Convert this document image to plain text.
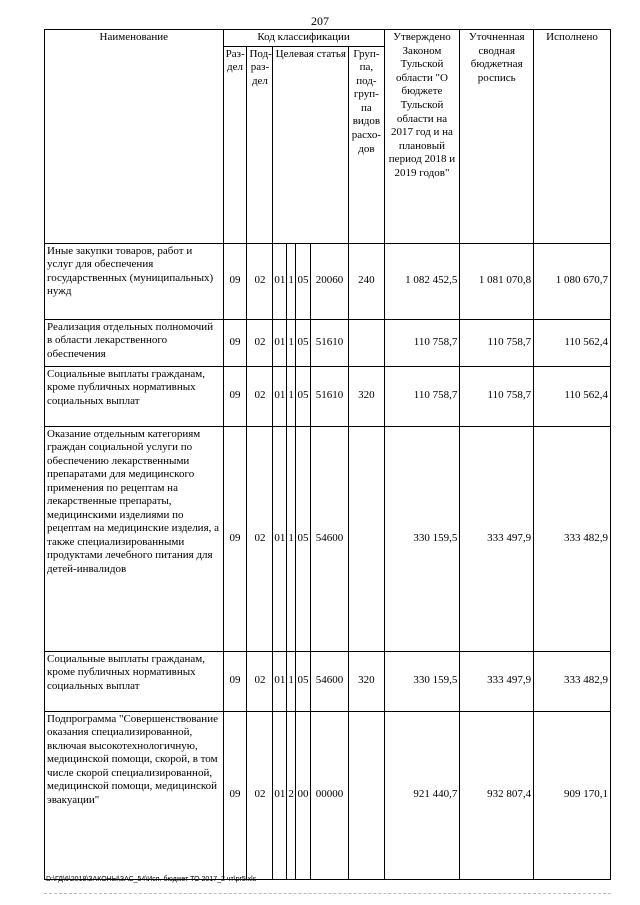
207
Наименование	Код классификации							Утверждено Законом Тульской области "О бюджете Тульской области на 2017 год и на плановый период 2018 и 2019 годов"	Уточненная сводная бюджетная роспись	Исполнено
	Раз- дел	Под- раз- дел	Целевая статья				Груп- па, под- груп- па видов расхо- дов			
Иные закупки товаров, работ и услуг для обеспечения государственных (муниципальных) нужд	09	02	01	1	05	20060	240	1 082 452,5	1 081 070,8	1 080 670,7
Реализация отдельных полномочий в области лекарственного обеспечения	09	02	01	1	05	51610		110 758,7	110 758,7	110 562,4
Социальные выплаты гражданам, кроме публичных нормативных социальных выплат	09	02	01	1	05	51610	320	110 758,7	110 758,7	110 562,4
Оказание отдельным категориям граждан социальной услуги по обеспечению лекарственными препаратами для медицинского применения по рецептам на лекарственные препараты, медицинскими изделиями по рецептам на медицинские изделия, а также специализированными продуктами лечебного питания для детей-инвалидов	09	02	01	1	05	54600		330 159,5	333 497,9	333 482,9
Социальные выплаты гражданам, кроме публичных нормативных социальных выплат	09	02	01	1	05	54600	320	330 159,5	333 497,9	333 482,9
Подпрограмма "Совершенствование оказания специализированной, включая высокотехнологичную, медицинской помощи, скорой, в том числе скорой специализированной, медицинской помощи, медицинской эвакуации"	09	02	01	2	00	00000		921 440,7	932 807,4	909 170,1
D:\ГД\6\2018\ЗАКОНЫ\ЗАС_54\Исп. бюджет ТО 2017_2 чт\pr5.xls
